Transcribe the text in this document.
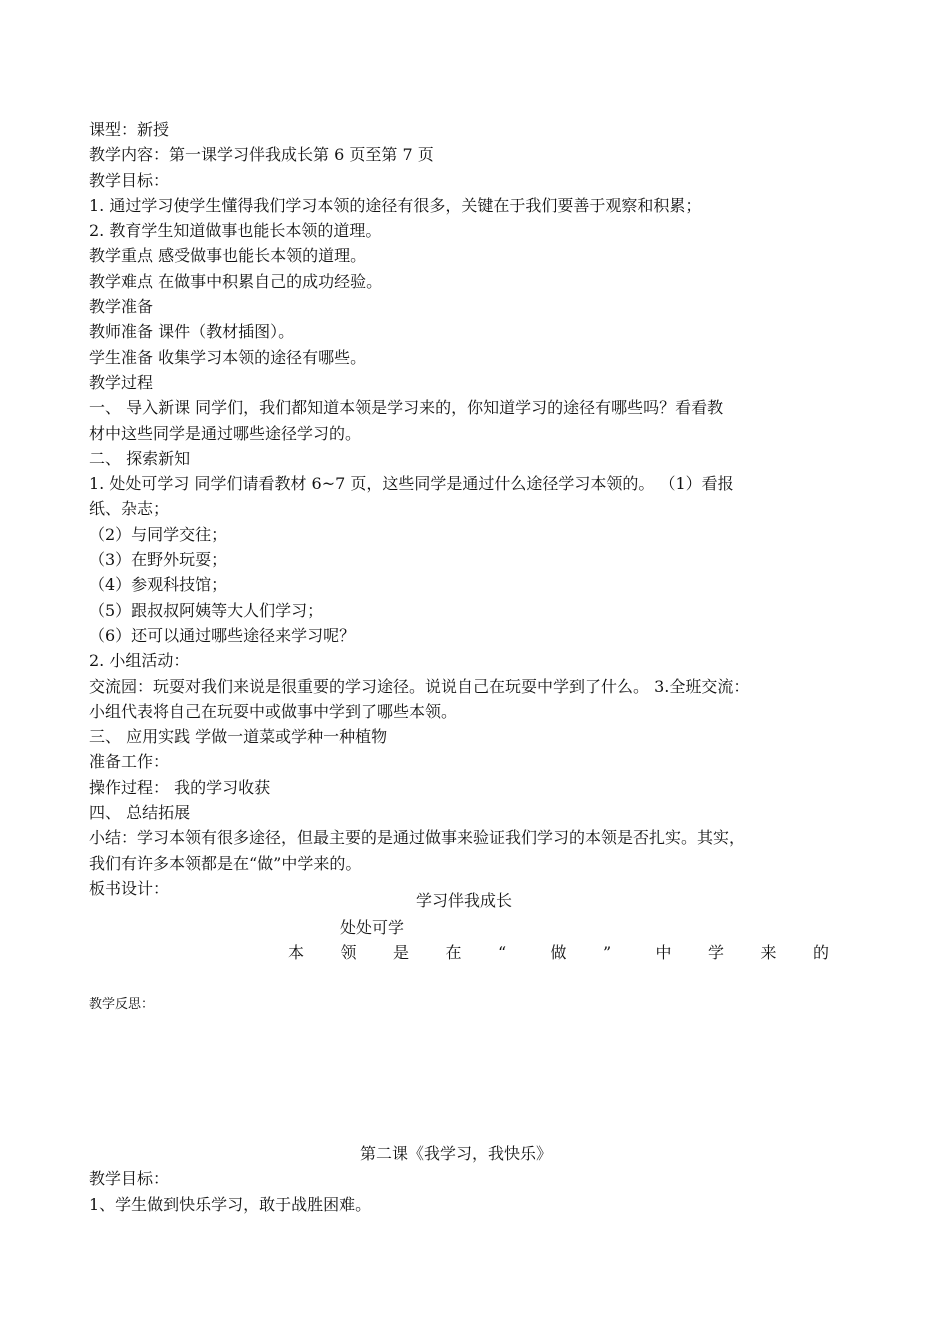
课型：新授

教学内容：第一课学习伴我成长第 6 页至第 7 页

教学目标：

1. 通过学习使学生懂得我们学习本领的途径有很多，关键在于我们要善于观察和积累；

2. 教育学生知道做事也能长本领的道理。

教学重点 感受做事也能长本领的道理。

教学难点 在做事中积累自己的成功经验。

教学准备

教师准备 课件（教材插图）。

学生准备 收集学习本领的途径有哪些。

教学过程

一、 导入新课 同学们，我们都知道本领是学习来的，你知道学习的途径有哪些吗？看看教

材中这些同学是通过哪些途径学习的。

二、 探索新知

1. 处处可学习 同学们请看教材 6~7 页，这些同学是通过什么途径学习本领的。 （1）看报

纸、杂志；

（2）与同学交往；

（3）在野外玩耍；

（4）参观科技馆；

（5）跟叔叔阿姨等大人们学习；

（6）还可以通过哪些途径来学习呢？

2. 小组活动：

交流园：玩耍对我们来说是很重要的学习途径。说说自己在玩耍中学到了什么。 3.全班交流：

小组代表将自己在玩耍中或做事中学到了哪些本领。

三、 应用实践 学做一道菜或学种一种植物

准备工作：

操作过程： 我的学习收获

四、 总结拓展

小结：学习本领有很多途径，但最主要的是通过做事来验证我们学习的本领是否扎实。其实，

我们有许多本领都是在“做”中学来的。

板书设计：

学习伴我成长
处处可学
本 领 是 在 “	做 ”	中 学 来 的
教学反思：
第二课《我学习，我快乐》
教学目标：
1、学生做到快乐学习，敢于战胜困难。
